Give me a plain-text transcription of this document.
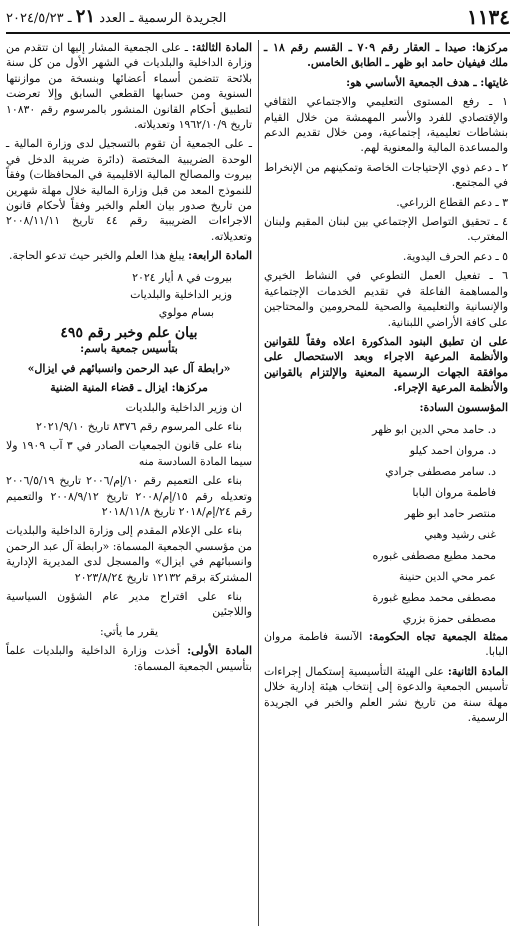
١١٣٤
الجريدة الرسمية ـ العدد ٢١ ـ ٢٠٢٤/٥/٢٣

مركزها: صيدا ـ العقار رقم ٧٠٩ ـ القسم رقم ١٨ ـ ملك فيفيان حامد ابو ظهر ـ الطابق الخامس.

غايتها: ـ هدف الجمعية الأساسي هو:

١ ـ رفع المستوى التعليمي والاجتماعي الثقافي والإقتصادي للفرد والأسر المهمشة من خلال القيام بنشاطات تعليمية، إجتماعية، ومن خلال تقديم الدعم والمساعدة المالية والمعنوية لهم.

٢ ـ دعم ذوي الإحتياجات الخاصة وتمكينهم من الإنخراط في المجتمع.

٣ ـ دعم القطاع الزراعي.

٤ ـ تحقيق التواصل الإجتماعي بين لبنان المقيم ولبنان المغترب.

٥ ـ دعم الحرف اليدوية.

٦ ـ تفعيل العمل التطوعي في النشاط الخيري والمساهمة الفاعلة في تقديم الخدمات الإجتماعية والإنسانية والتعليمية والصحية للمحرومين والمحتاجين على كافة الأراضي اللبنانية.

على ان تطبق البنود المذكورة اعلاه وفقاً للقوانين والأنظمة المرعية الاجراء وبعد الاستحصال على موافقة الجهات الرسمية المعنية والإلتزام بالقوانين والأنظمة المرعية الإجراء.

المؤسسون السادة:

د. حامد محي الدين ابو ظهر
د. مروان احمد كيلو
د. سامر مصطفى جرادي
فاطمة مروان البابا
منتصر حامد ابو ظهر
غنى رشيد وهبي
محمد مطيع مصطفى غبوره
عمر محي الدين حنينة
مصطفى محمد مطيع غبورة
مصطفى حمزة بزري

ممثلة الجمعية تجاه الحكومة: الآنسة فاطمة مروان البابا.

المادة الثانية: على الهيئة التأسيسية إستكمال إجراءات تأسيس الجمعية والدعوة إلى إنتخاب هيئة إدارية خلال مهلة سنة من تاريخ نشر العلم والخبر في الجريدة الرسمية.

المادة الثالثة: ـ على الجمعية المشار إليها ان تتقدم من وزارة الداخلية والبلديات في الشهر الأول من كل سنة بلائحة تتضمن أسماء أعضائها وبنسخة من موازنتها السنوية ومن حسابها القطعي السابق وإلا تعرضت لتطبيق أحكام القانون المنشور بالمرسوم رقم ١٠٨٣٠ تاريخ ١٩٦٢/١٠/٩ وتعديلاته.

ـ على الجمعية أن تقوم بالتسجيل لدى وزارة المالية ـ الوحدة الضريبية المختصة (دائرة ضريبة الدخل في بيروت والمصالح المالية الاقليمية في المحافظات) وفقاً للنموذج المعد من قبل وزارة المالية خلال مهلة شهرين من تاريخ صدور بيان العلم والخبر وفقاً لأحكام قانون الاجراءات الضريبية رقم ٤٤ تاريخ ٢٠٠٨/١١/١١ وتعديلاته.

المادة الرابعة: يبلغ هذا العلم والخبر حيث تدعو الحاجة.

بيروت في ٨ أيار ٢٠٢٤

وزير الداخلية والبلديات

بسام مولوي

بيان علم وخبر رقم ٤٩٥

بتأسيس جمعية باسم:

«رابطة آل عبد الرحمن وانسبائهم في ايزال»

مركزها: ايزال ـ قضاء المنية الضنية

ان وزير الداخلية والبلديات

بناء على المرسوم رقم ٨٣٧٦ تاريخ ٢٠٢١/٩/١٠

بناء على قانون الجمعيات الصادر في ٣ آب ١٩٠٩ ولا سيما المادة السادسة منه

بناء على التعميم رقم ١٠/إم/٢٠٠٦ تاريخ ٢٠٠٦/٥/١٩ وتعديله رقم ١٥/إم/٢٠٠٨ تاريخ ٢٠٠٨/٩/١٢ والتعميم رقم ٢٤/إم/٢٠١٨ تاريخ ٢٠١٨/١١/٨

بناء على الإعلام المقدم إلى وزارة الداخلية والبلديات من مؤسسي الجمعية المسماة: «رابطة آل عبد الرحمن وانسبائهم في ايزال» والمسجل لدى المديرية الإدارية المشتركة برقم ١٢١٣٢ تاريخ ٢٠٢٣/٨/٢٤

بناء على اقتراح مدير عام الشؤون السياسية واللاجئين

يقرر ما يأتي:

المادة الأولى: أخذت وزارة الداخلية والبلديات علماً بتأسيس الجمعية المسماة:
